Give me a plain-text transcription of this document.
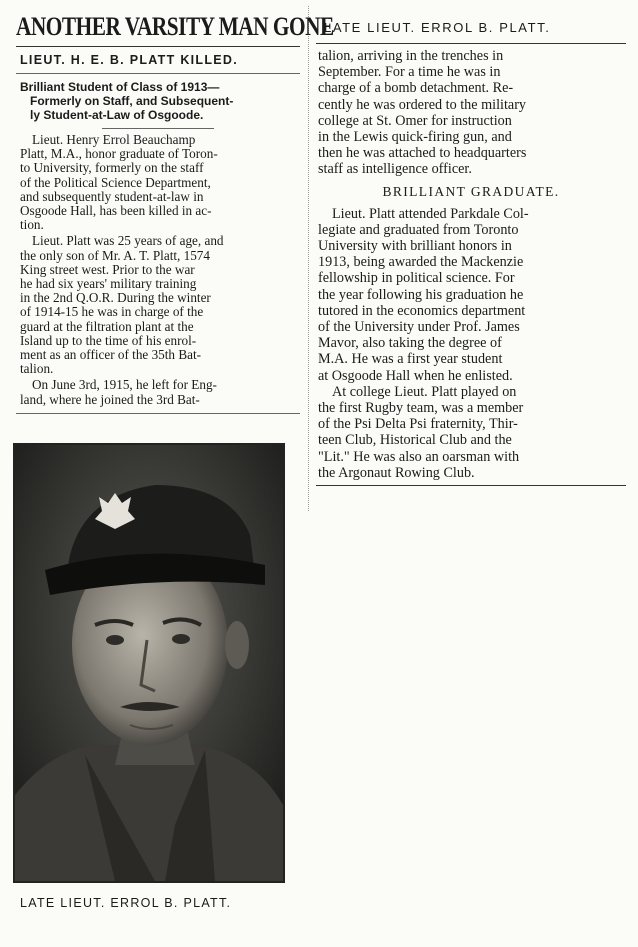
ANOTHER VARSITY MAN GONE
LIEUT. H. E. B. PLATT KILLED.
Brilliant Student of Class of 1913—
Formerly on Staff, and Subsequent-
ly Student-at-Law of Osgoode.
Lieut. Henry Errol Beauchamp
Platt, M.A., honor graduate of Toron-
to University, formerly on the staff
of the Political Science Department,
and subsequently student-at-law in
Osgoode Hall, has been killed in ac-
tion.
Lieut. Platt was 25 years of age, and
the only son of Mr. A. T. Platt, 1574
King street west. Prior to the war
he had six years' military training
in the 2nd Q.O.R. During the winter
of 1914-15 he was in charge of the
guard at the filtration plant at the
Island up to the time of his enrol-
ment as an officer of the 35th Bat-
talion.
On June 3rd, 1915, he left for Eng-
land, where he joined the 3rd Bat-
LATE LIEUT. ERROL B. PLATT.
LATE LIEUT. ERROL B. PLATT.
talion, arriving in the trenches in
September. For a time he was in
charge of a bomb detachment. Re-
cently he was ordered to the military
college at St. Omer for instruction
in the Lewis quick-firing gun, and
then he was attached to headquarters
staff as intelligence officer.
BRILLIANT GRADUATE.
Lieut. Platt attended Parkdale Col-
legiate and graduated from Toronto
University with brilliant honors in
1913, being awarded the Mackenzie
fellowship in political science. For
the year following his graduation he
tutored in the economics department
of the University under Prof. James
Mavor, also taking the degree of
M.A. He was a first year student
at Osgoode Hall when he enlisted.
At college Lieut. Platt played on
the first Rugby team, was a member
of the Psi Delta Psi fraternity, Thir-
teen Club, Historical Club and the
"Lit." He was also an oarsman with
the Argonaut Rowing Club.
